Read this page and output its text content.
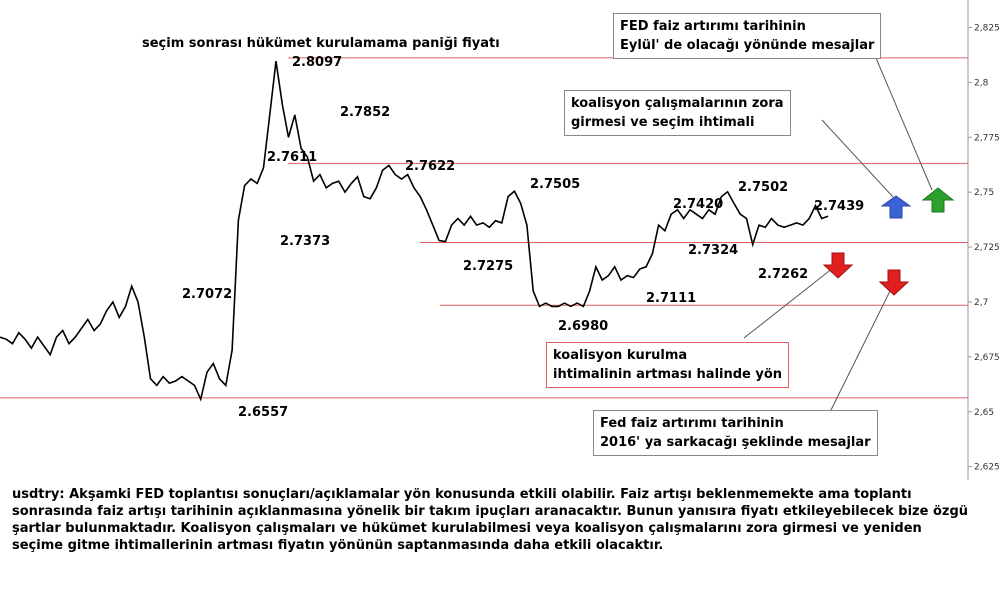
2.8097
2.7852
2.7611
2.7373
2.7622
2.7275
2.7505
2.6980
2.7420
2.7324
2.7111
2.7502
2.7262
2.7439
2.7072
2.6557
2,625
2,65
2,675
2,7
2,725
2,75
2,775
2,8
2,825
seçim sonrası hükümet kurulamama paniği fiyatı
FED faiz artırımı tarihinin
Eylül' de olacağı yönünde mesajlar
koalisyon çalışmalarının zora
girmesi ve seçim ihtimali
koalisyon kurulma
ihtimalinin artması halinde yön
Fed faiz artırımı tarihinin
2016' ya sarkacağı şeklinde mesajlar

usdtry: Akşamki FED toplantısı sonuçları/açıklamalar yön konusunda etkili olabilir. Faiz artışı beklenmemekte ama toplantı sonrasında faiz artışı tarihinin açıklanmasına yönelik bir takım ipuçları aranacaktır. Bunun yanısıra fiyatı etkileyebilecek bize özgü şartlar bulunmaktadır. Koalisyon çalışmaları ve hükümet kurulabilmesi veya koalisyon çalışmalarını zora girmesi ve yeniden seçime gitme ihtimallerinin artması fiyatın yönünün saptanmasında daha etkili olacaktır.
